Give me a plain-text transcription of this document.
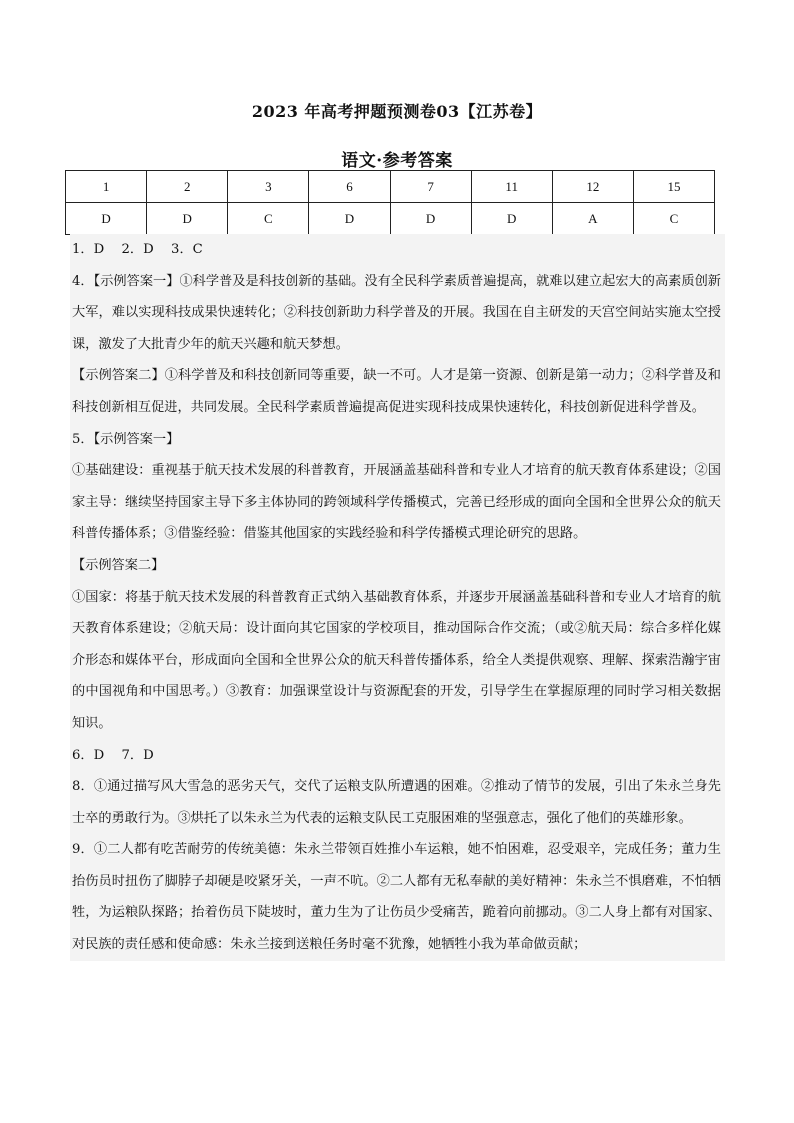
2023 年高考押题预测卷03【江苏卷】
语文·参考答案
1	2	3	6	7	11	12	15
D	D	C	D	D	D	A	C

1．D　 2．D　 3．C

4．【示例答案一】①科学普及是科技创新的基础。没有全民科学素质普遍提高，就难以建立起宏大的高素质创新大军，难以实现科技成果快速转化；②科技创新助力科学普及的开展。我国在自主研发的天宫空间站实施太空授课，激发了大批青少年的航天兴趣和航天梦想。

【示例答案二】①科学普及和科技创新同等重要，缺一不可。人才是第一资源、创新是第一动力；②科学普及和科技创新相互促进，共同发展。全民科学素质普遍提高促进实现科技成果快速转化，科技创新促进科学普及。

5．【示例答案一】

①基础建设：重视基于航天技术发展的科普教育，开展涵盖基础科普和专业人才培育的航天教育体系建设；②国家主导：继续坚持国家主导下多主体协同的跨领域科学传播模式，完善已经形成的面向全国和全世界公众的航天科普传播体系；③借鉴经验：借鉴其他国家的实践经验和科学传播模式理论研究的思路。

【示例答案二】

①国家：将基于航天技术发展的科普教育正式纳入基础教育体系，并逐步开展涵盖基础科普和专业人才培育的航天教育体系建设；②航天局：设计面向其它国家的学校项目，推动国际合作交流；（或②航天局：综合多样化媒介形态和媒体平台，形成面向全国和全世界公众的航天科普传播体系，给全人类提供观察、理解、探索浩瀚宇宙的中国视角和中国思考。）③教育：加强课堂设计与资源配套的开发，引导学生在掌握原理的同时学习相关数据知识。

6．D　 7．D

8．①通过描写风大雪急的恶劣天气，交代了运粮支队所遭遇的困难。②推动了情节的发展，引出了朱永兰身先士卒的勇敢行为。③烘托了以朱永兰为代表的运粮支队民工克服困难的坚强意志，强化了他们的英雄形象。

9．①二人都有吃苦耐劳的传统美德：朱永兰带领百姓推小车运粮，她不怕困难，忍受艰辛，完成任务；董力生抬伤员时扭伤了脚脖子却硬是咬紧牙关，一声不吭。②二人都有无私奉献的美好精神：朱永兰不惧磨难，不怕牺牲，为运粮队探路；抬着伤员下陡坡时，董力生为了让伤员少受痛苦，跪着向前挪动。③二人身上都有对国家、对民族的责任感和使命感：朱永兰接到送粮任务时毫不犹豫，她牺牲小我为革命做贡献；
